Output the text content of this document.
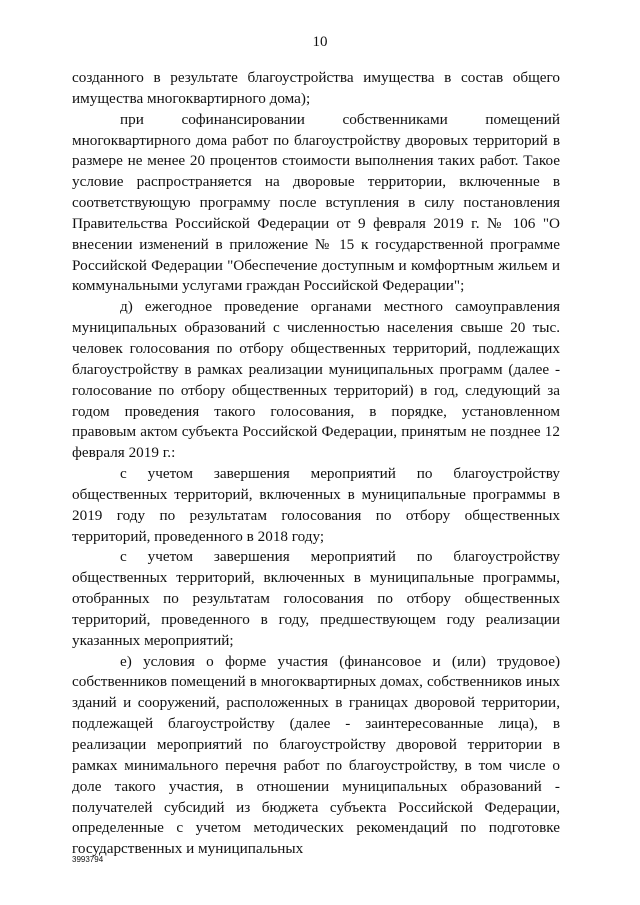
10

созданного в результате благоустройства имущества в состав общего имущества многоквартирного дома);

при софинансировании собственниками помещений многоквартирного дома работ по благоустройству дворовых территорий в размере не менее 20 процентов стоимости выполнения таких работ. Такое условие распространяется на дворовые территории, включенные в соответствующую программу после вступления в силу постановления Правительства Российской Федерации от 9 февраля 2019 г. № 106 "О внесении изменений в приложение № 15 к государственной программе Российской Федерации "Обеспечение доступным и комфортным жильем и коммунальными услугами граждан Российской Федерации";

д) ежегодное проведение органами местного самоуправления муниципальных образований с численностью населения свыше 20 тыс. человек голосования по отбору общественных территорий, подлежащих благоустройству в рамках реализации муниципальных программ (далее - голосование по отбору общественных территорий) в год, следующий за годом проведения такого голосования, в порядке, установленном правовым актом субъекта Российской Федерации, принятым не позднее 12 февраля 2019 г.:

с учетом завершения мероприятий по благоустройству общественных территорий, включенных в муниципальные программы в 2019 году по результатам голосования по отбору общественных территорий, проведенного в 2018 году;

с учетом завершения мероприятий по благоустройству общественных территорий, включенных в муниципальные программы, отобранных по результатам голосования по отбору общественных территорий, проведенного в году, предшествующем году реализации указанных мероприятий;

е) условия о форме участия (финансовое и (или) трудовое) собственников помещений в многоквартирных домах, собственников иных зданий и сооружений, расположенных в границах дворовой территории, подлежащей благоустройству (далее - заинтересованные лица), в реализации мероприятий по благоустройству дворовой территории в рамках минимального перечня работ по благоустройству, в том числе о доле такого участия, в отношении муниципальных образований - получателей субсидий из бюджета субъекта Российской Федерации, определенные с учетом методических рекомендаций по подготовке государственных и муниципальных

3993794
